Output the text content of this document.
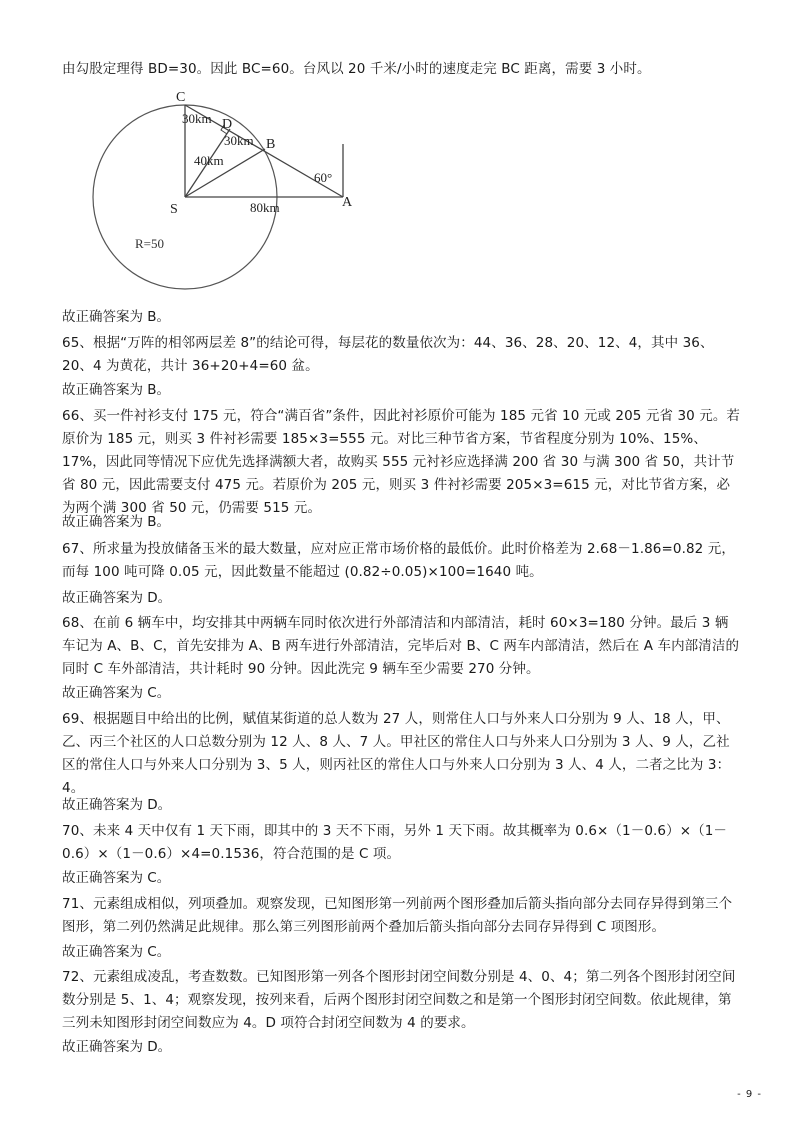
由勾股定理得 BD=30。因此 BC=60。台风以 20 千米/小时的速度走完 BC 距离，需要 3 小时。

C
D
B
S	A
30km
30km
40km
80km
60°
R=50

故正确答案为 B。

65、根据“万阵的相邻两层差 8”的结论可得，每层花的数量依次为：44、36、28、20、12、4，其中 36、20、4 为黄花，共计 36+20+4=60 盆。

故正确答案为 B。

66、买一件衬衫支付 175 元，符合“满百省”条件，因此衬衫原价可能为 185 元省 10 元或 205 元省 30 元。若原价为 185 元，则买 3 件衬衫需要 185×3=555 元。对比三种节省方案，节省程度分别为 10%、15%、17%，因此同等情况下应优先选择满额大者，故购买 555 元衬衫应选择满 200 省 30 与满 300 省 50，共计节省 80 元，因此需要支付 475 元。若原价为 205 元，则买 3 件衬衫需要 205×3=615 元，对比节省方案，必为两个满 300 省 50 元，仍需要 515 元。

故正确答案为 B。

67、所求量为投放储备玉米的最大数量，应对应正常市场价格的最低价。此时价格差为 2.68－1.86=0.82 元，而每 100 吨可降 0.05 元，因此数量不能超过 (0.82÷0.05)×100=1640 吨。

故正确答案为 D。

68、在前 6 辆车中，均安排其中两辆车同时依次进行外部清洁和内部清洁，耗时 60×3=180 分钟。最后 3 辆车记为 A、B、C，首先安排为 A、B 两车进行外部清洁，完毕后对 B、C 两车内部清洁，然后在 A 车内部清洁的同时 C 车外部清洁，共计耗时 90 分钟。因此洗完 9 辆车至少需要 270 分钟。

故正确答案为 C。

69、根据题目中给出的比例，赋值某街道的总人数为 27 人，则常住人口与外来人口分别为 9 人、18 人，甲、乙、丙三个社区的人口总数分别为 12 人、8 人、7 人。甲社区的常住人口与外来人口分别为 3 人、9 人，乙社区的常住人口与外来人口分别为 3、5 人，则丙社区的常住人口与外来人口分别为 3 人、4 人，二者之比为 3：4。

故正确答案为 D。

70、未来 4 天中仅有 1 天下雨，即其中的 3 天不下雨，另外 1 天下雨。故其概率为 0.6×（1－0.6）×（1－0.6）×（1－0.6）×4=0.1536，符合范围的是 C 项。

故正确答案为 C。

71、元素组成相似，列项叠加。观察发现，已知图形第一列前两个图形叠加后箭头指向部分去同存异得到第三个图形，第二列仍然满足此规律。那么第三列图形前两个叠加后箭头指向部分去同存异得到 C 项图形。

故正确答案为 C。

72、元素组成凌乱，考查数数。已知图形第一列各个图形封闭空间数分别是 4、0、4；第二列各个图形封闭空间数分别是 5、1、4；观察发现，按列来看，后两个图形封闭空间数之和是第一个图形封闭空间数。依此规律，第三列未知图形封闭空间数应为 4。D 项符合封闭空间数为 4 的要求。

故正确答案为 D。

- 9 -
